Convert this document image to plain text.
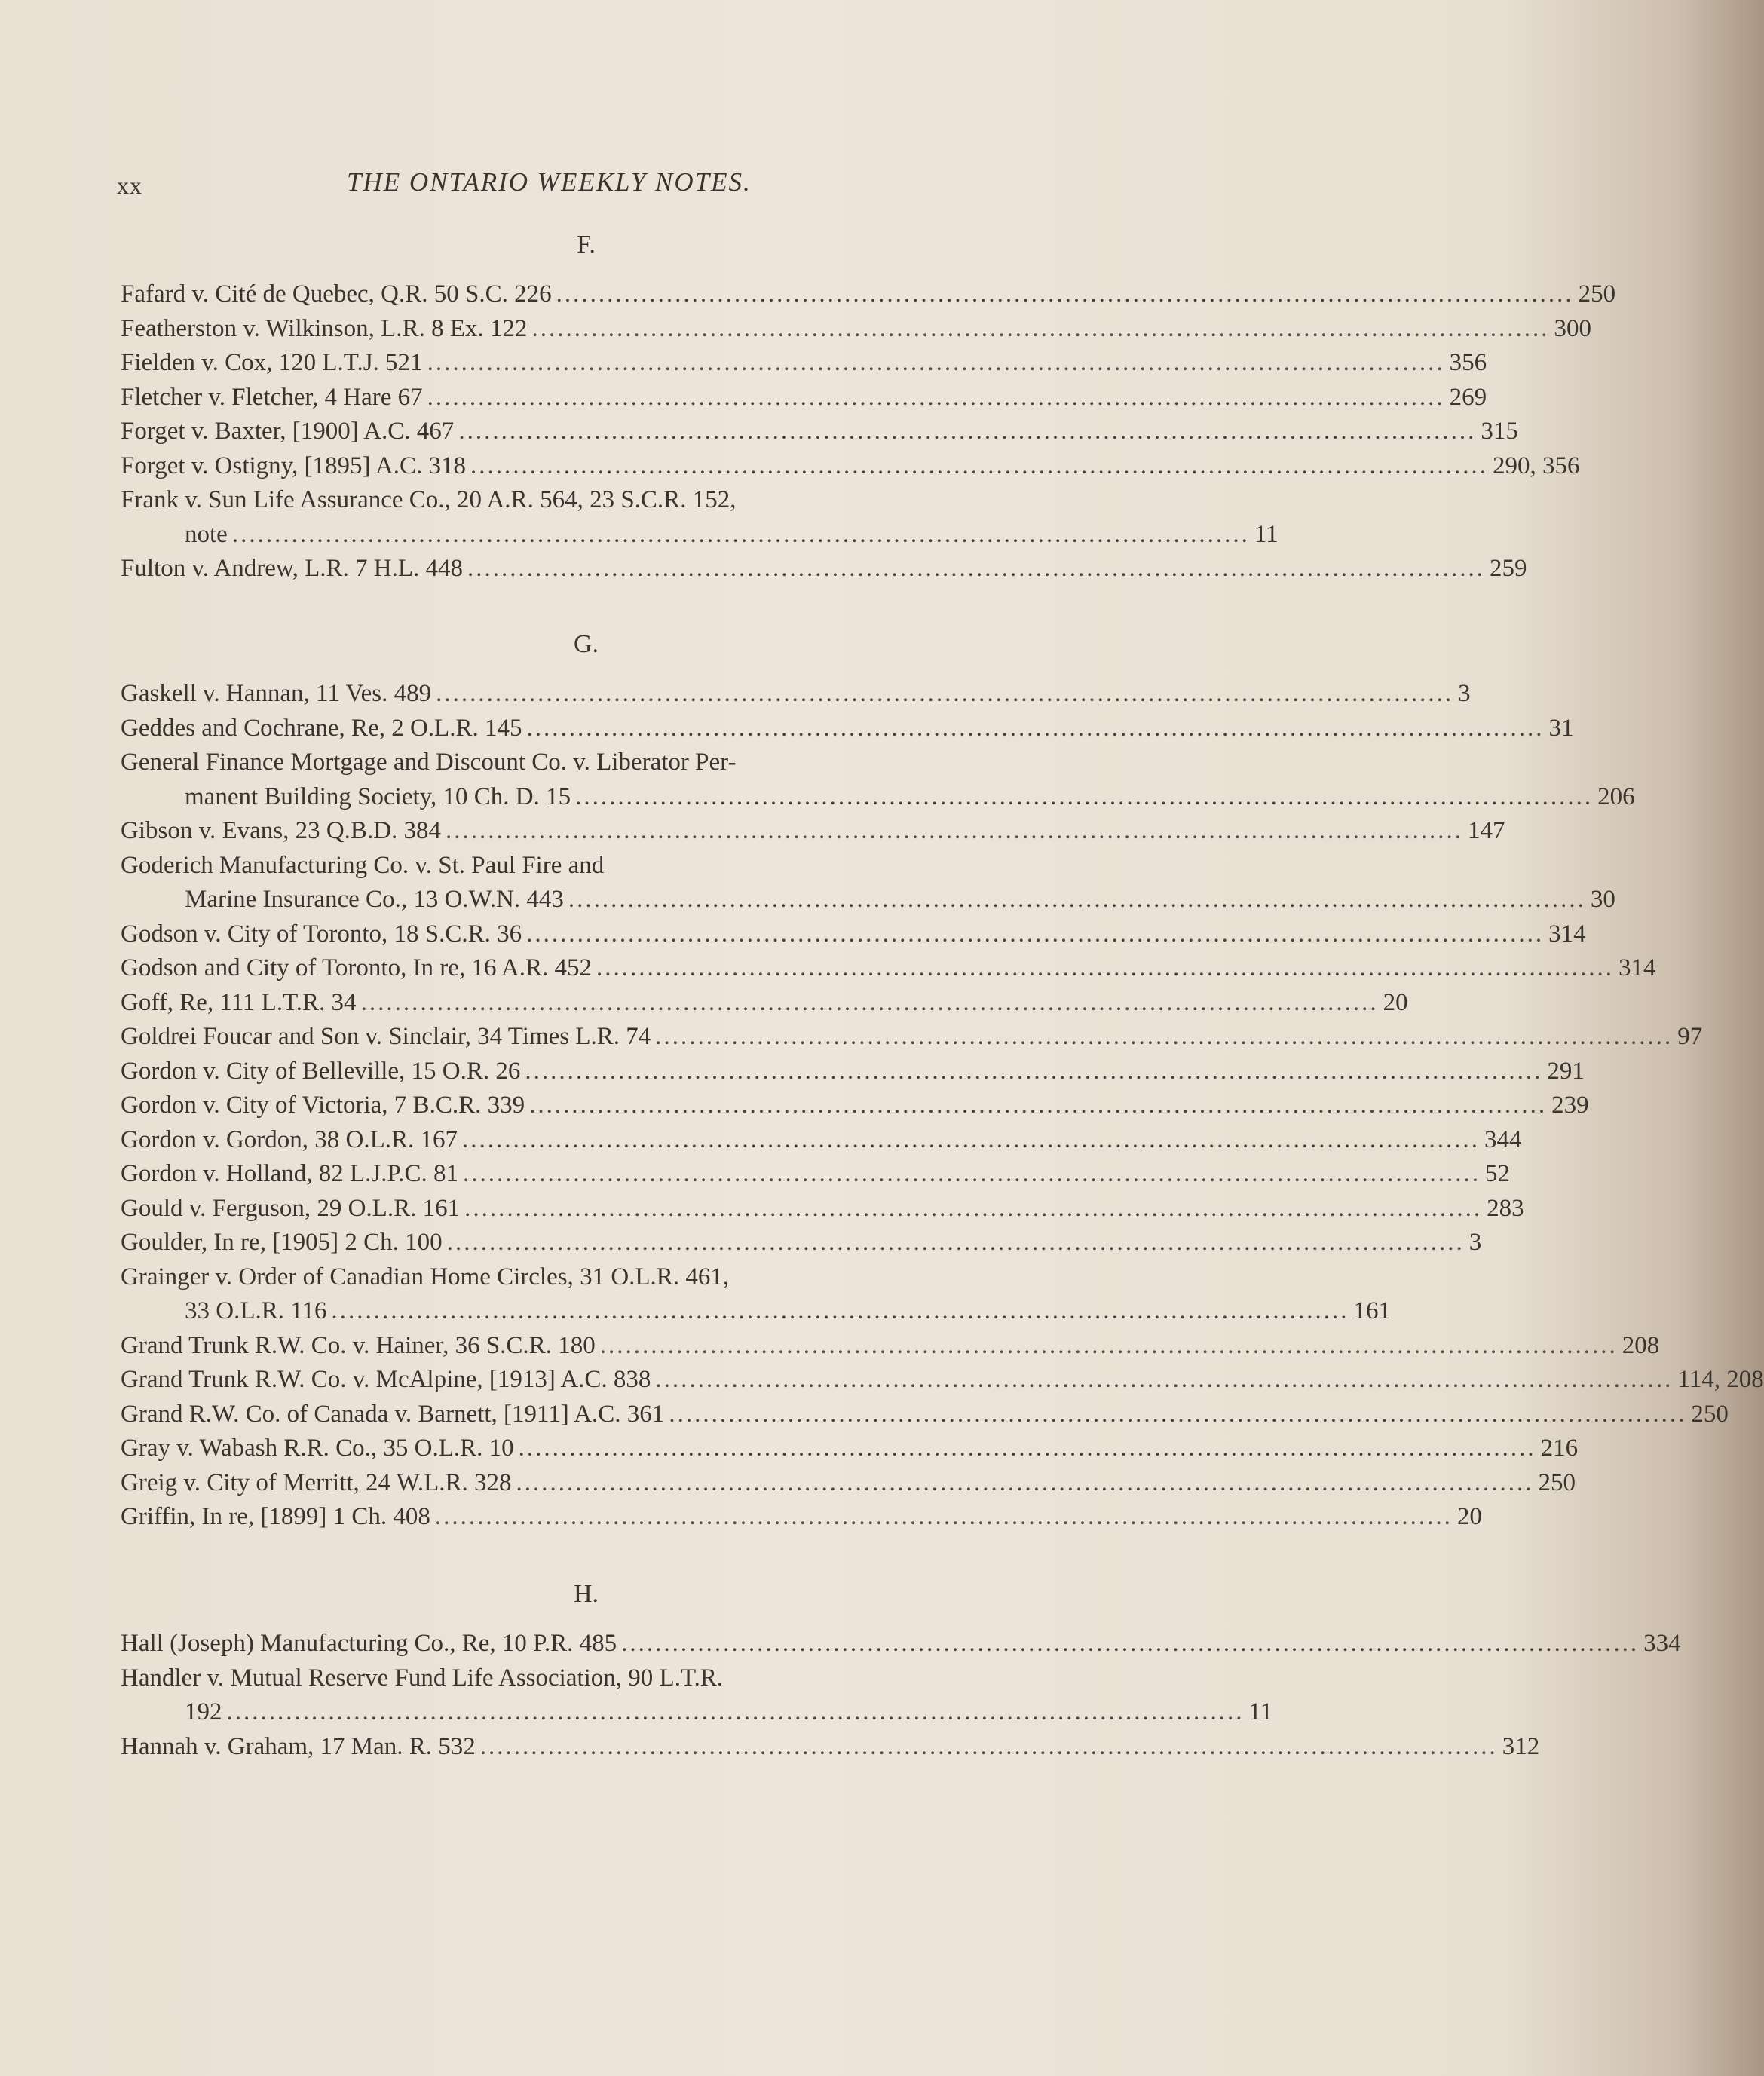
xx	THE ONTARIO WEEKLY NOTES.
F.
Fafard v. Cité de Quebec, Q.R. 50 S.C. 226 ........................................................................................................................ 250
Featherston v. Wilkinson, L.R. 8 Ex. 122 ........................................................................................................................ 300
Fielden v. Cox, 120 L.T.J. 521 ........................................................................................................................ 356
Fletcher v. Fletcher, 4 Hare 67 ........................................................................................................................ 269
Forget v. Baxter, [1900] A.C. 467 ........................................................................................................................ 315
Forget v. Ostigny, [1895] A.C. 318 ........................................................................................................................ 290, 356
Frank v. Sun Life Assurance Co., 20 A.R. 564, 23 S.C.R. 152,
note ........................................................................................................................ 11
Fulton v. Andrew, L.R. 7 H.L. 448 ........................................................................................................................ 259
G.
Gaskell v. Hannan, 11 Ves. 489 ........................................................................................................................ 3
Geddes and Cochrane, Re, 2 O.L.R. 145 ........................................................................................................................ 31
General Finance Mortgage and Discount Co. v. Liberator Per-
manent Building Society, 10 Ch. D. 15 ........................................................................................................................ 206
Gibson v. Evans, 23 Q.B.D. 384 ........................................................................................................................ 147
Goderich Manufacturing Co. v. St. Paul Fire and
Marine Insurance Co., 13 O.W.N. 443 ........................................................................................................................ 30
Godson v. City of Toronto, 18 S.C.R. 36 ........................................................................................................................ 314
Godson and City of Toronto, In re, 16 A.R. 452 ........................................................................................................................ 314
Goff, Re, 111 L.T.R. 34 ........................................................................................................................ 20
Goldrei Foucar and Son v. Sinclair, 34 Times L.R. 74 ........................................................................................................................ 97
Gordon v. City of Belleville, 15 O.R. 26 ........................................................................................................................ 291
Gordon v. City of Victoria, 7 B.C.R. 339 ........................................................................................................................ 239
Gordon v. Gordon, 38 O.L.R. 167 ........................................................................................................................ 344
Gordon v. Holland, 82 L.J.P.C. 81 ........................................................................................................................ 52
Gould v. Ferguson, 29 O.L.R. 161 ........................................................................................................................ 283
Goulder, In re, [1905] 2 Ch. 100 ........................................................................................................................ 3
Grainger v. Order of Canadian Home Circles, 31 O.L.R. 461,
33 O.L.R. 116 ........................................................................................................................ 161
Grand Trunk R.W. Co. v. Hainer, 36 S.C.R. 180 ........................................................................................................................ 208
Grand Trunk R.W. Co. v. McAlpine, [1913] A.C. 838 ........................................................................................................................ 114, 208
Grand R.W. Co. of Canada v. Barnett, [1911] A.C. 361 ........................................................................................................................ 250
Gray v. Wabash R.R. Co., 35 O.L.R. 10 ........................................................................................................................ 216
Greig v. City of Merritt, 24 W.L.R. 328 ........................................................................................................................ 250
Griffin, In re, [1899] 1 Ch. 408 ........................................................................................................................ 20
H.
Hall (Joseph) Manufacturing Co., Re, 10 P.R. 485 ........................................................................................................................ 334
Handler v. Mutual Reserve Fund Life Association, 90 L.T.R.
192 ........................................................................................................................ 11
Hannah v. Graham, 17 Man. R. 532 ........................................................................................................................ 312
